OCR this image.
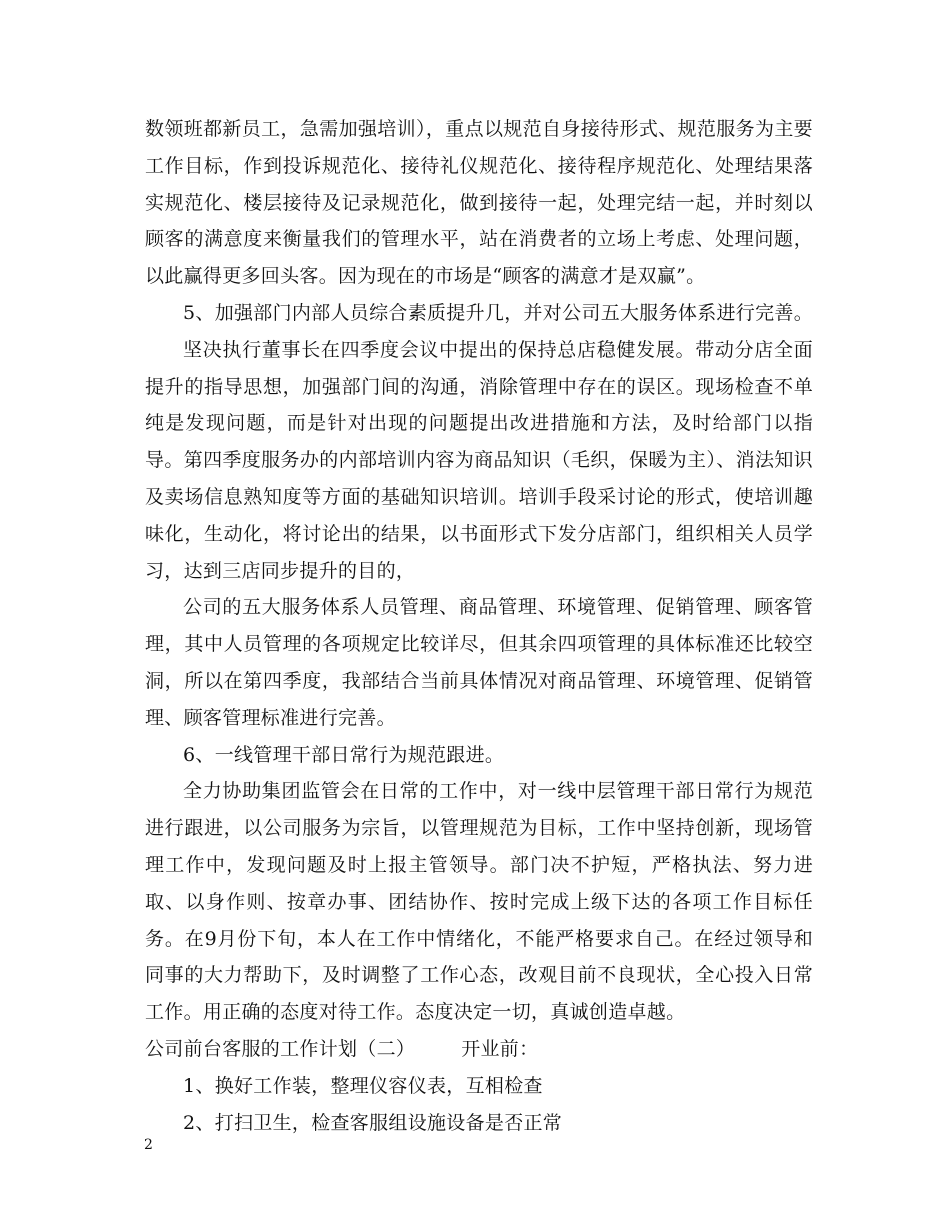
数领班都新员工，急需加强培训），重点以规范自身接待形式、规范服务为主要工作目标，作到投诉规范化、接待礼仪规范化、接待程序规范化、处理结果落实规范化、楼层接待及记录规范化，做到接待一起，处理完结一起，并时刻以顾客的满意度来衡量我们的管理水平，站在消费者的立场上考虑、处理问题，以此赢得更多回头客。因为现在的市场是“顾客的满意才是双赢”。

5、加强部门内部人员综合素质提升几，并对公司五大服务体系进行完善。

坚决执行董事长在四季度会议中提出的保持总店稳健发展。带动分店全面提升的指导思想，加强部门间的沟通，消除管理中存在的误区。现场检查不单纯是发现问题，而是针对出现的问题提出改进措施和方法，及时给部门以指导。第四季度服务办的内部培训内容为商品知识（毛织，保暖为主）、消法知识及卖场信息熟知度等方面的基础知识培训。培训手段采讨论的形式，使培训趣味化，生动化，将讨论出的结果，以书面形式下发分店部门，组织相关人员学习，达到三店同步提升的目的，

公司的五大服务体系人员管理、商品管理、环境管理、促销管理、顾客管理，其中人员管理的各项规定比较详尽，但其余四项管理的具体标准还比较空洞，所以在第四季度，我部结合当前具体情况对商品管理、环境管理、促销管理、顾客管理标准进行完善。

6、一线管理干部日常行为规范跟进。

全力协助集团监管会在日常的工作中，对一线中层管理干部日常行为规范进行跟进，以公司服务为宗旨，以管理规范为目标，工作中坚持创新，现场管理工作中，发现问题及时上报主管领导。部门决不护短，严格执法、努力进取、以身作则、按章办事、团结协作、按时完成上级下达的各项工作目标任务。在9月份下旬，本人在工作中情绪化，不能严格要求自己。在经过领导和同事的大力帮助下，及时调整了工作心态，改观目前不良现状，全心投入日常工作。用正确的态度对待工作。态度决定一切，真诚创造卓越。

公司前台客服的工作计划（二） 开业前：

1、换好工作装，整理仪容仪表，互相检查

2、打扫卫生，检查客服组设施设备是否正常

2
